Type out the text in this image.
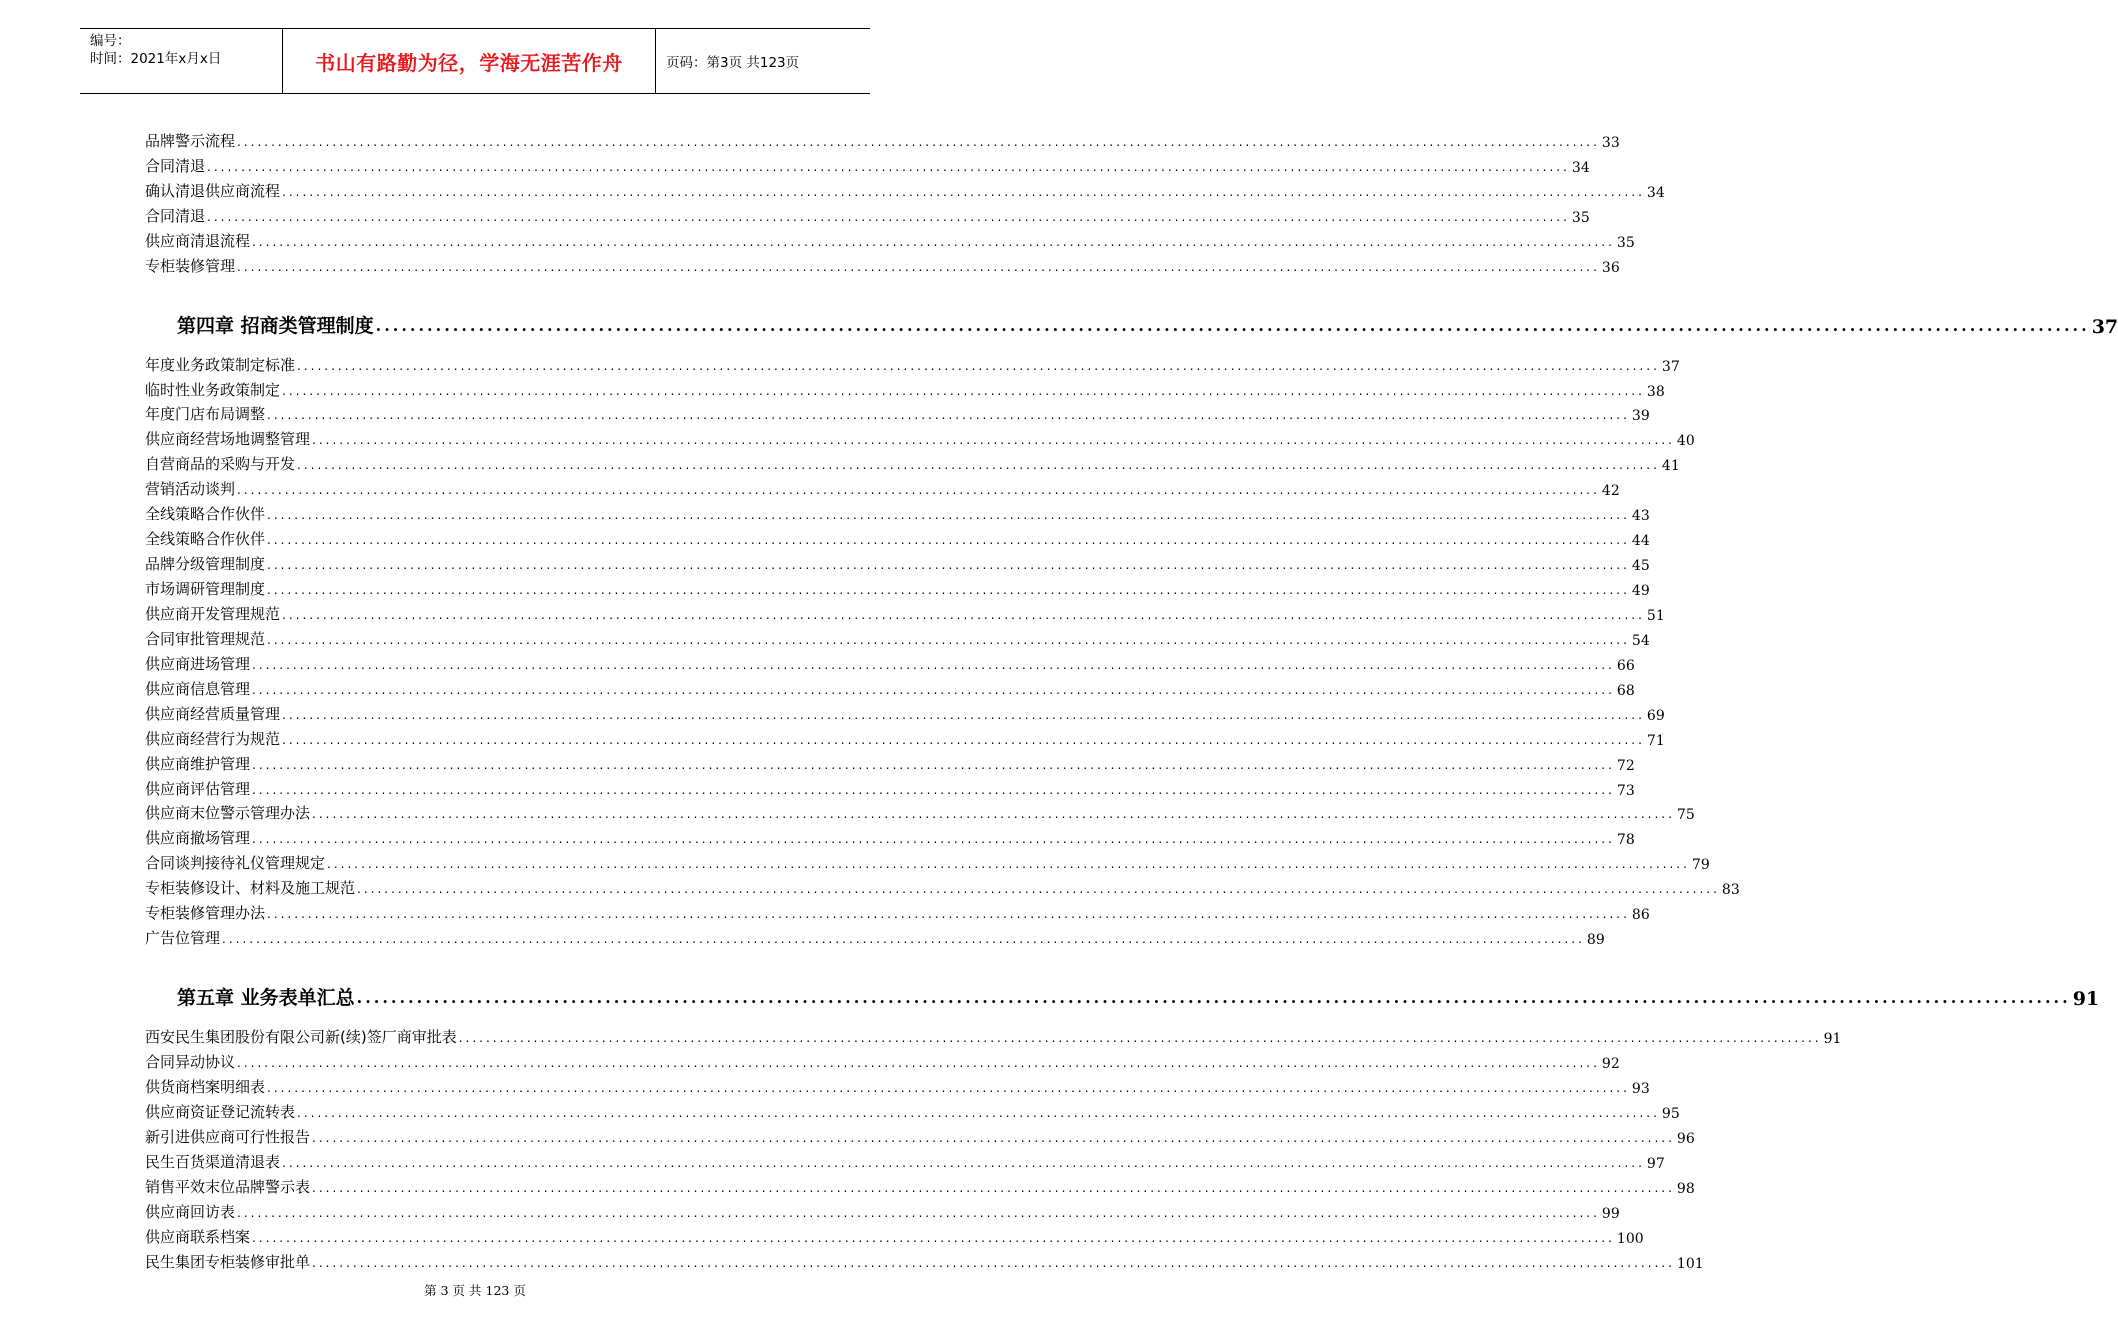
编号：
时间：2021年x月x日	书山有路勤为径，学海无涯苦作舟	页码：第3页 共123页
品牌警示流程 ........................................................................................................................................................................................................ 33
合同清退 ........................................................................................................................................................................................................ 34
确认清退供应商流程 ........................................................................................................................................................................................................ 34
合同清退 ........................................................................................................................................................................................................ 35
供应商清退流程 ........................................................................................................................................................................................................ 35
专柜装修管理 ........................................................................................................................................................................................................ 36
第四章 招商类管理制度 ........................................................................................................................................................................................................ 37
年度业务政策制定标准 ........................................................................................................................................................................................................ 37
临时性业务政策制定 ........................................................................................................................................................................................................ 38
年度门店布局调整 ........................................................................................................................................................................................................ 39
供应商经营场地调整管理 ........................................................................................................................................................................................................ 40
自营商品的采购与开发 ........................................................................................................................................................................................................ 41
营销活动谈判 ........................................................................................................................................................................................................ 42
全线策略合作伙伴 ........................................................................................................................................................................................................ 43
全线策略合作伙伴 ........................................................................................................................................................................................................ 44
品牌分级管理制度 ........................................................................................................................................................................................................ 45
市场调研管理制度 ........................................................................................................................................................................................................ 49
供应商开发管理规范 ........................................................................................................................................................................................................ 51
合同审批管理规范 ........................................................................................................................................................................................................ 54
供应商进场管理 ........................................................................................................................................................................................................ 66
供应商信息管理 ........................................................................................................................................................................................................ 68
供应商经营质量管理 ........................................................................................................................................................................................................ 69
供应商经营行为规范 ........................................................................................................................................................................................................ 71
供应商维护管理 ........................................................................................................................................................................................................ 72
供应商评估管理 ........................................................................................................................................................................................................ 73
供应商末位警示管理办法 ........................................................................................................................................................................................................ 75
供应商撤场管理 ........................................................................................................................................................................................................ 78
合同谈判接待礼仪管理规定 ........................................................................................................................................................................................................ 79
专柜装修设计、材料及施工规范 ........................................................................................................................................................................................................ 83
专柜装修管理办法 ........................................................................................................................................................................................................ 86
广告位管理 ........................................................................................................................................................................................................ 89
第五章 业务表单汇总 ........................................................................................................................................................................................................ 91
西安民生集团股份有限公司新(续)签厂商审批表 ........................................................................................................................................................................................................ 91
合同异动协议 ........................................................................................................................................................................................................ 92
供货商档案明细表 ........................................................................................................................................................................................................ 93
供应商资证登记流转表 ........................................................................................................................................................................................................ 95
新引进供应商可行性报告 ........................................................................................................................................................................................................ 96
民生百货渠道清退表 ........................................................................................................................................................................................................ 97
销售平效末位品牌警示表 ........................................................................................................................................................................................................ 98
供应商回访表 ........................................................................................................................................................................................................ 99
供应商联系档案 ........................................................................................................................................................................................................ 100
民生集团专柜装修审批单 ........................................................................................................................................................................................................ 101
第 3 页 共 123 页
